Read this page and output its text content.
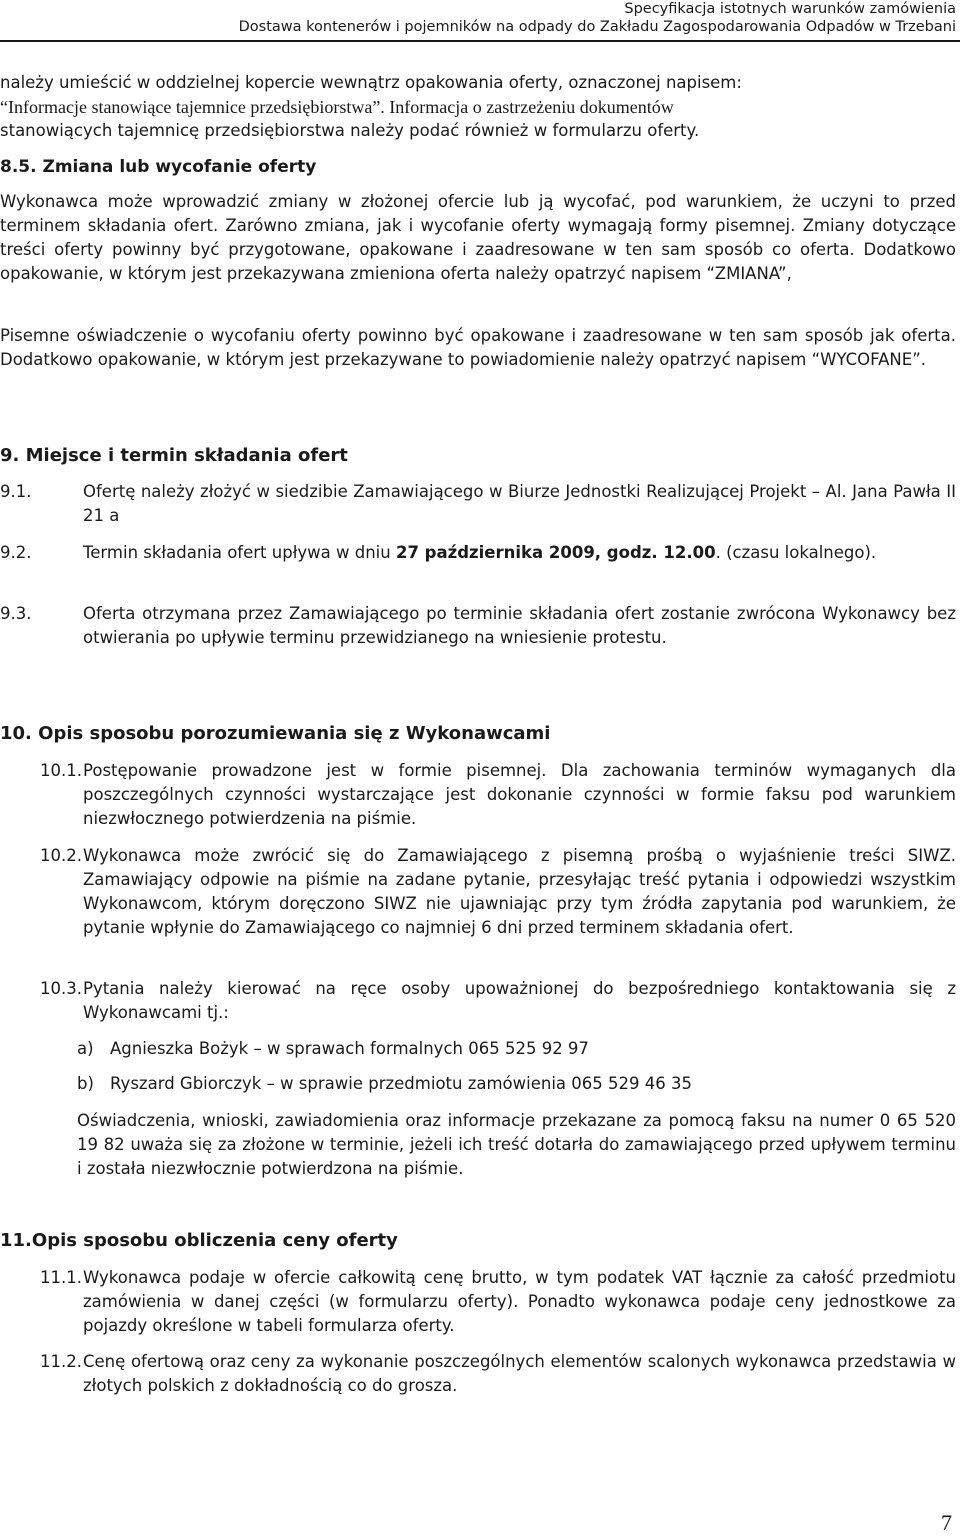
Specyfikacja istotnych warunków zamówienia
Dostawa kontenerów i pojemników na odpady do Zakładu Zagospodarowania Odpadów w Trzebani

należy umieścić w oddzielnej kopercie wewnątrz opakowania oferty, oznaczonej napisem:

“Informacje stanowiące tajemnice przedsiębiorstwa”. Informacja o zastrzeżeniu dokumentów

stanowiących tajemnicę przedsiębiorstwa należy podać również w formularzu oferty.

8.5. Zmiana lub wycofanie oferty

Wykonawca może wprowadzić zmiany w złożonej ofercie lub ją wycofać, pod warunkiem, że uczyni to przed terminem składania ofert. Zarówno zmiana, jak i wycofanie oferty wymagają formy pisemnej. Zmiany dotyczące treści oferty powinny być przygotowane, opakowane i zaadresowane w ten sam sposób co oferta. Dodatkowo opakowanie, w którym jest przekazywana zmieniona oferta należy opatrzyć napisem “ZMIANA”,

Pisemne oświadczenie o wycofaniu oferty powinno być opakowane i zaadresowane w ten sam sposób jak oferta. Dodatkowo opakowanie, w którym jest przekazywane to powiadomienie należy opatrzyć napisem “WYCOFANE”.

9. Miejsce i termin składania ofert
9.1.	Ofertę należy złożyć w siedzibie Zamawiającego w Biurze Jednostki Realizującej Projekt – Al. Jana Pawła II 21 a

9.2.	Termin składania ofert upływa w dniu 27 października 2009, godz. 12.00. (czasu lokalnego).

9.3.	Oferta otrzymana przez Zamawiającego po terminie składania ofert zostanie zwrócona Wykonawcy bez otwierania po upływie terminu przewidzianego na wniesienie protestu.

10. Opis sposobu porozumiewania się z Wykonawcami
10.1. Postępowanie prowadzone jest w formie pisemnej. Dla zachowania terminów wymaganych dla poszczególnych czynności wystarczające jest dokonanie czynności w formie faksu pod warunkiem niezwłocznego potwierdzenia na piśmie.

10.2. Wykonawca może zwrócić się do Zamawiającego z pisemną prośbą o wyjaśnienie treści SIWZ. Zamawiający odpowie na piśmie na zadane pytanie, przesyłając treść pytania i odpowiedzi wszystkim Wykonawcom, którym doręczono SIWZ nie ujawniając przy tym źródła zapytania pod warunkiem, że pytanie wpłynie do Zamawiającego co najmniej 6 dni przed terminem składania ofert.

10.3. Pytania należy kierować na ręce osoby upoważnionej do bezpośredniego kontaktowania się z Wykonawcami tj.:

a) Agnieszka Bożyk – w sprawach formalnych 065 525 92 97

b) Ryszard Gbiorczyk – w sprawie przedmiotu zamówienia 065 529 46 35

Oświadczenia, wnioski, zawiadomienia oraz informacje przekazane za pomocą faksu na numer 0 65 520 19 82 uważa się za złożone w terminie, jeżeli ich treść dotarła do zamawiającego przed upływem terminu i została niezwłocznie potwierdzona na piśmie.

11.Opis sposobu obliczenia ceny oferty
11.1. Wykonawca podaje w ofercie całkowitą cenę brutto, w tym podatek VAT łącznie za całość przedmiotu zamówienia w danej części (w formularzu oferty). Ponadto wykonawca podaje ceny jednostkowe za pojazdy określone w tabeli formularza oferty.

11.2. Cenę ofertową oraz ceny za wykonanie poszczególnych elementów scalonych wykonawca przedstawia w złotych polskich z dokładnością co do grosza.

7
